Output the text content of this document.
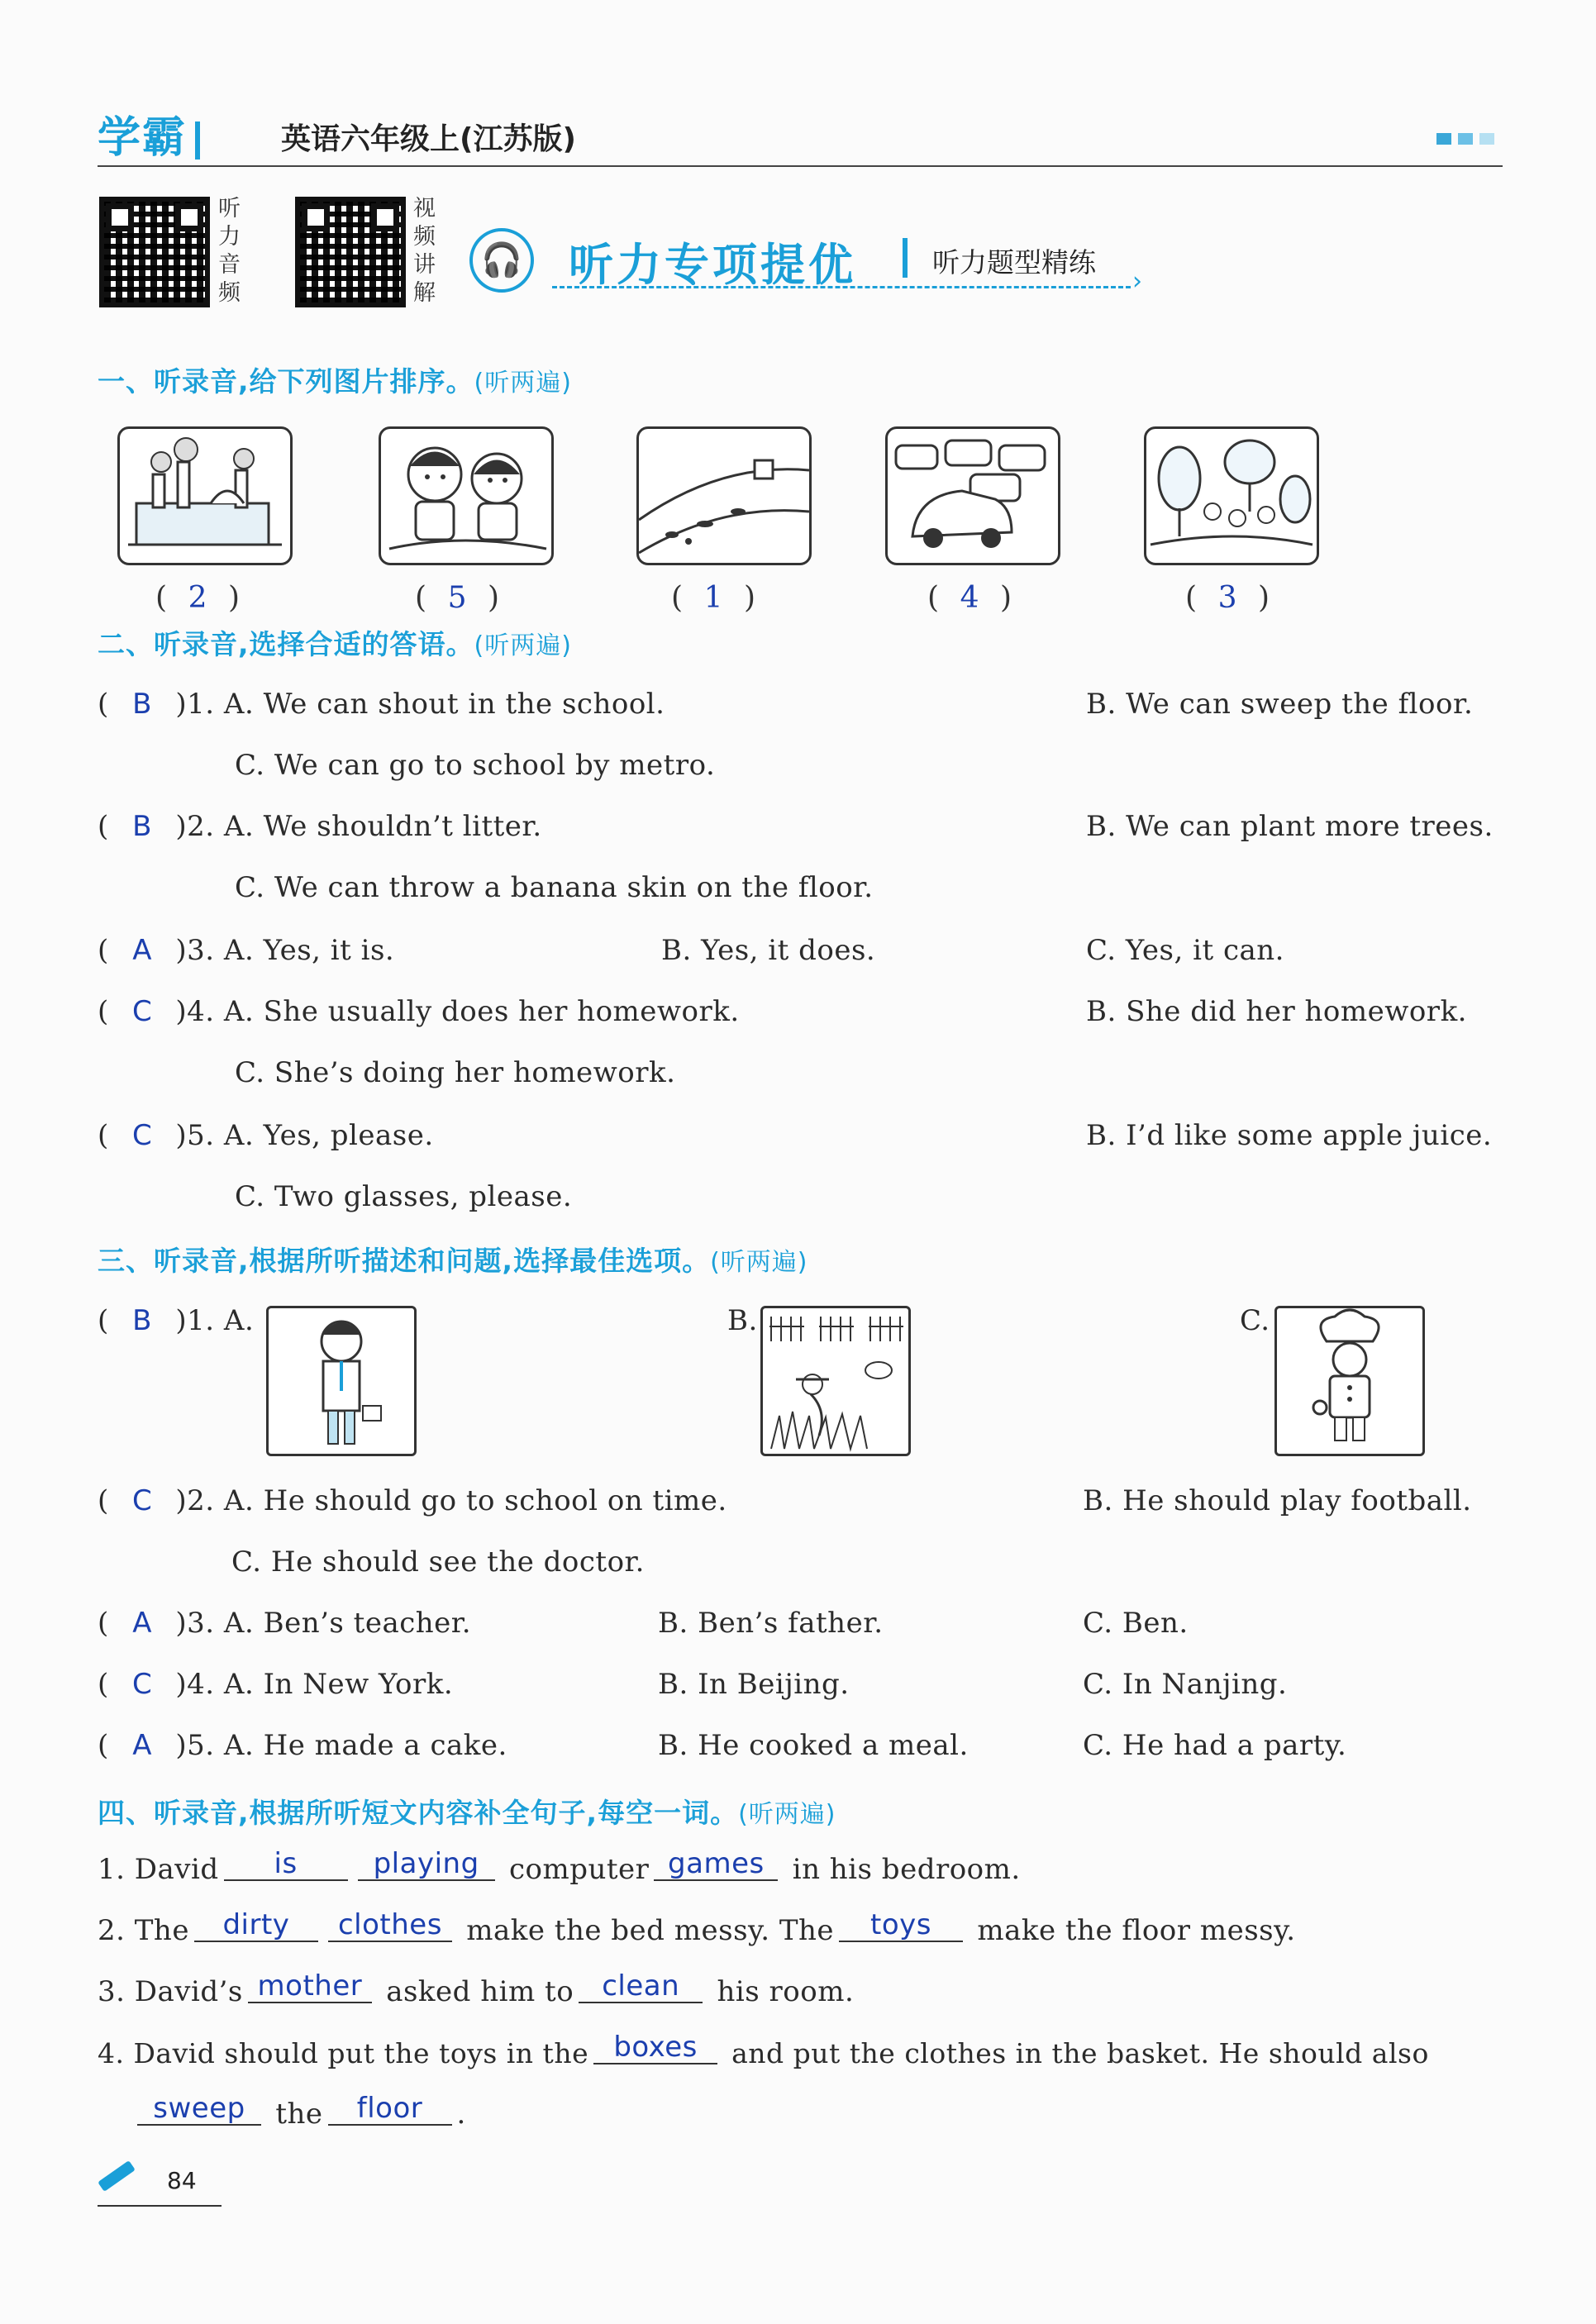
学霸	英语六年级上(江苏版)
听力音频
视频讲解
🎧 听力专项提优	听力题型精练
›
一、听录音,给下列图片排序。(听两遍)
( 2 )	( 5 )	( 1 )	( 4 )	( 3 )
二、听录音,选择合适的答语。(听两遍)
( B )1. A. We can shout in the school.	B. We can sweep the floor.
C. We can go to school by metro.
( B )2. A. We shouldn’t litter.	B. We can plant more trees.
C. We can throw a banana skin on the floor.
( A )3. A. Yes, it is.	B. Yes, it does.	C. Yes, it can.
( C )4. A. She usually does her homework.	B. She did her homework.
C. She’s doing her homework.
( C )5. A. Yes, please.	B. I’d like some apple juice.
C. Two glasses, please.
三、听录音,根据所听描述和问题,选择最佳选项。(听两遍)
( B )1. A.	B.	C.
( C )2. A. He should go to school on time.	B. He should play football.
C. He should see the doctor.
( A )3. A. Ben’s teacher.	B. Ben’s father.	C. Ben.
( C )4. A. In New York.	B. In Beijing.	C. In Nanjing.
( A )5. A. He made a cake.	B. He cooked a meal.	C. He had a party.
四、听录音,根据所听短文内容补全句子,每空一词。(听两遍)
1. David is	playing computer games in his bedroom.
2. The dirty clothes make the bed messy. The toys make the floor messy.
3. David’s mother asked him to clean his room.
4. David should put the toys in the boxes and put the clothes in the basket. He should also
sweep the floor .
84
